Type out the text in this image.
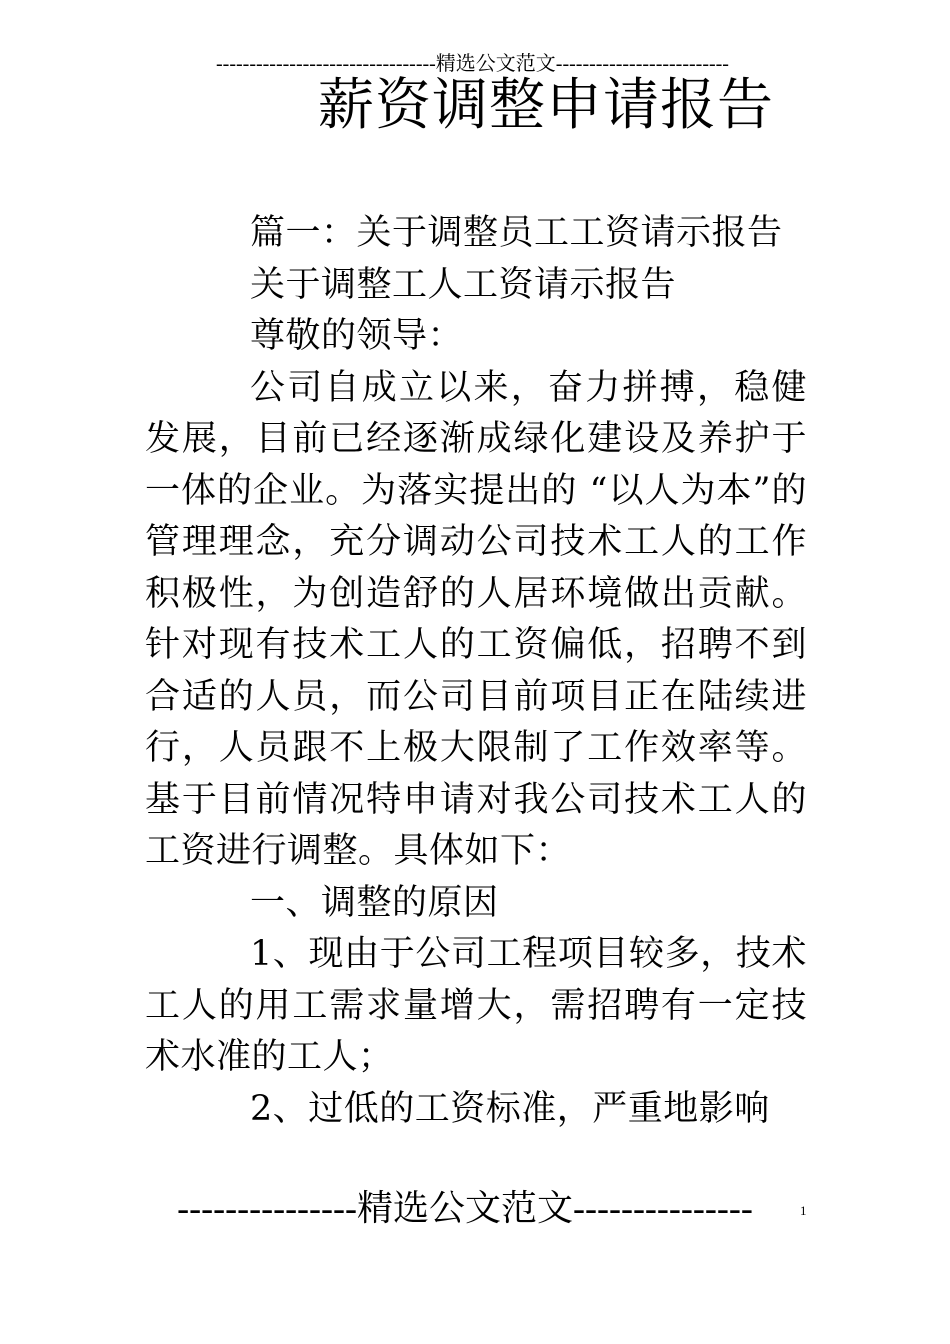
---------------------------------精选公文范文--------------------------
薪资调整申请报告

篇一：关于调整员工工资请示报告

关于调整工人工资请示报告

尊敬的领导：

公司自成立以来，奋力拼搏，稳健发展，目前已经逐渐成绿化建设及养护于一体的企业。为落实提出的 “以人为本”的管理理念，充分调动公司技术工人的工作积极性，为创造舒的人居环境做出贡献。针对现有技术工人的工资偏低，招聘不到合适的人员，而公司目前项目正在陆续进行，人员跟不上极大限制了工作效率等。基于目前情况特申请对我公司技术工人的工资进行调整。具体如下：

一、调整的原因

1、现由于公司工程项目较多，技术工人的用工需求量增大，需招聘有一定技术水准的工人；

2、过低的工资标准，严重地影响

---------------精选公文范文---------------	1
